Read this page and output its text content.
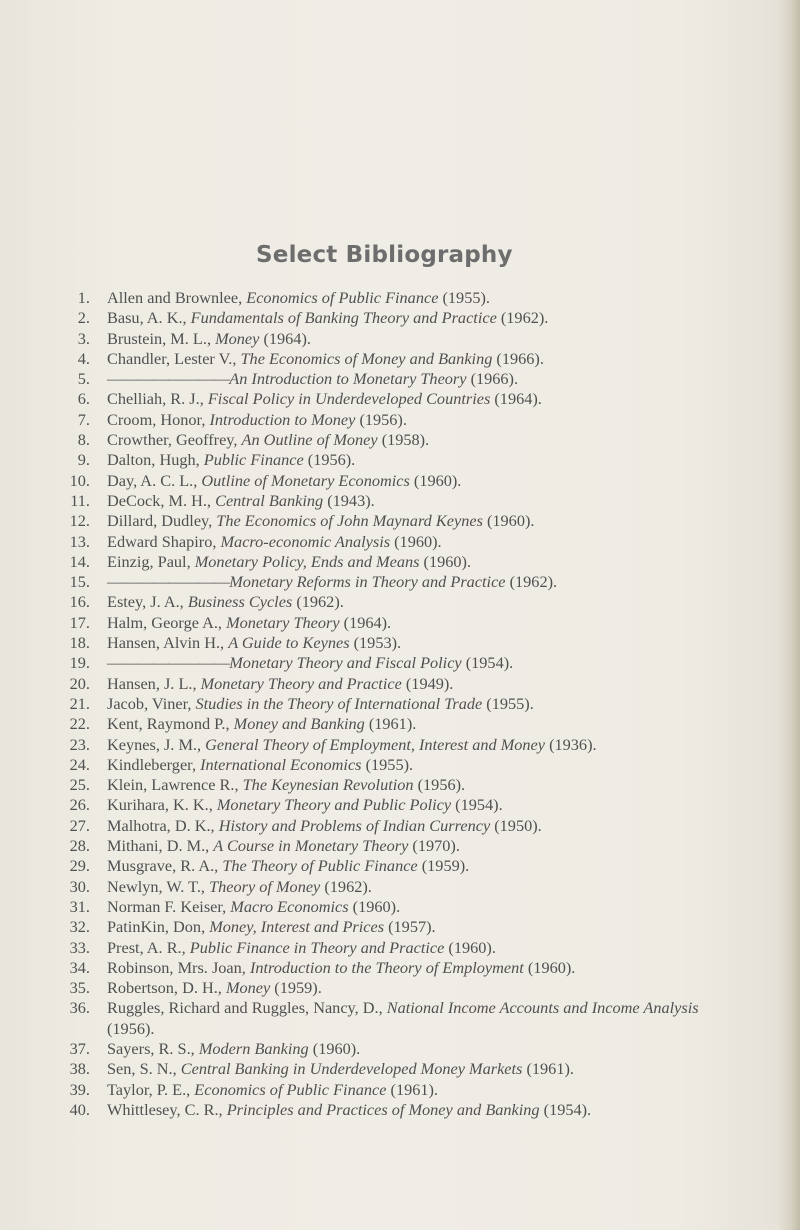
Select Bibliography
1. Allen and Brownlee, Economics of Public Finance (1955).
2. Basu, A. K., Fundamentals of Banking Theory and Practice (1962).
3. Brustein, M. L., Money (1964).
4. Chandler, Lester V., The Economics of Money and Banking (1966).
5. ————————An Introduction to Monetary Theory (1966).
6. Chelliah, R. J., Fiscal Policy in Underdeveloped Countries (1964).
7. Croom, Honor, Introduction to Money (1956).
8. Crowther, Geoffrey, An Outline of Money (1958).
9. Dalton, Hugh, Public Finance (1956).
10. Day, A. C. L., Outline of Monetary Economics (1960).
11. DeCock, M. H., Central Banking (1943).
12. Dillard, Dudley, The Economics of John Maynard Keynes (1960).
13. Edward Shapiro, Macro-economic Analysis (1960).
14. Einzig, Paul, Monetary Policy, Ends and Means (1960).
15. ————————Monetary Reforms in Theory and Practice (1962).
16. Estey, J. A., Business Cycles (1962).
17. Halm, George A., Monetary Theory (1964).
18. Hansen, Alvin H., A Guide to Keynes (1953).
19. ————————Monetary Theory and Fiscal Policy (1954).
20. Hansen, J. L., Monetary Theory and Practice (1949).
21. Jacob, Viner, Studies in the Theory of International Trade (1955).
22. Kent, Raymond P., Money and Banking (1961).
23. Keynes, J. M., General Theory of Employment, Interest and Money (1936).
24. Kindleberger, International Economics (1955).
25. Klein, Lawrence R., The Keynesian Revolution (1956).
26. Kurihara, K. K., Monetary Theory and Public Policy (1954).
27. Malhotra, D. K., History and Problems of Indian Currency (1950).
28. Mithani, D. M., A Course in Monetary Theory (1970).
29. Musgrave, R. A., The Theory of Public Finance (1959).
30. Newlyn, W. T., Theory of Money (1962).
31. Norman F. Keiser, Macro Economics (1960).
32. PatinKin, Don, Money, Interest and Prices (1957).
33. Prest, A. R., Public Finance in Theory and Practice (1960).
34. Robinson, Mrs. Joan, Introduction to the Theory of Employment (1960).
35. Robertson, D. H., Money (1959).
36. Ruggles, Richard and Ruggles, Nancy, D., National Income Accounts and Income Analysis (1956).
37. Sayers, R. S., Modern Banking (1960).
38. Sen, S. N., Central Banking in Underdeveloped Money Markets (1961).
39. Taylor, P. E., Economics of Public Finance (1961).
40. Whittlesey, C. R., Principles and Practices of Money and Banking (1954).
